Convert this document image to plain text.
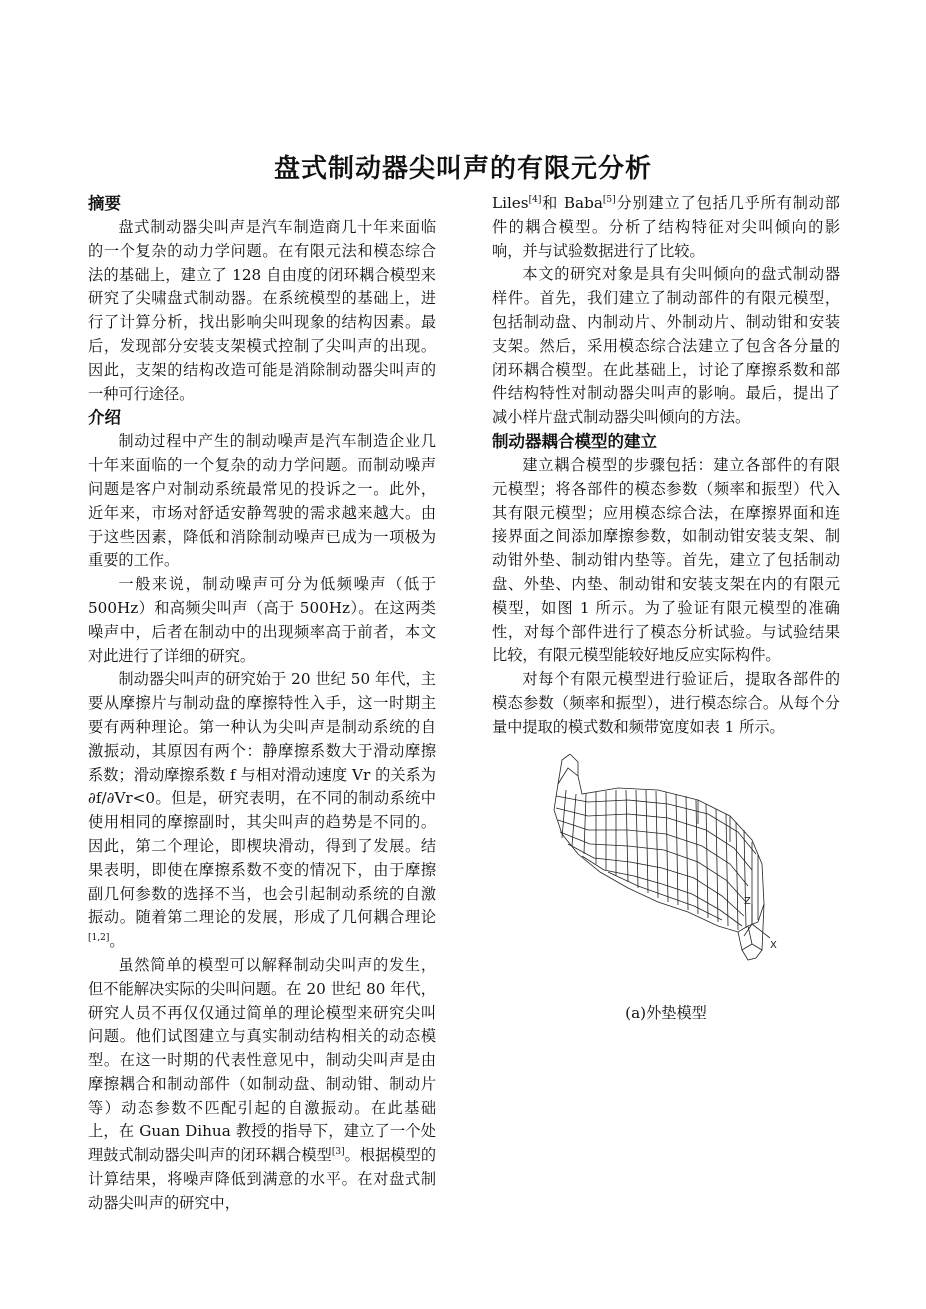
盘式制动器尖叫声的有限元分析
摘要

盘式制动器尖叫声是汽车制造商几十年来面临的一个复杂的动力学问题。在有限元法和模态综合法的基础上，建立了 128 自由度的闭环耦合模型来研究了尖啸盘式制动器。在系统模型的基础上，进行了计算分析，找出影响尖叫现象的结构因素。最后，发现部分安装支架模式控制了尖叫声的出现。因此，支架的结构改造可能是消除制动器尖叫声的一种可行途径。

介绍

制动过程中产生的制动噪声是汽车制造企业几十年来面临的一个复杂的动力学问题。而制动噪声问题是客户对制动系统最常见的投诉之一。此外，近年来，市场对舒适安静驾驶的需求越来越大。由于这些因素，降低和消除制动噪声已成为一项极为重要的工作。

一般来说，制动噪声可分为低频噪声（低于 500Hz）和高频尖叫声（高于 500Hz）。在这两类噪声中，后者在制动中的出现频率高于前者，本文对此进行了详细的研究。

制动器尖叫声的研究始于 20 世纪 50 年代，主要从摩擦片与制动盘的摩擦特性入手，这一时期主要有两种理论。第一种认为尖叫声是制动系统的自激振动，其原因有两个：静摩擦系数大于滑动摩擦系数；滑动摩擦系数 f 与相对滑动速度 Vr 的关系为∂f/∂Vr<0。但是，研究表明，在不同的制动系统中使用相同的摩擦副时，其尖叫声的趋势是不同的。因此，第二个理论，即楔块滑动，得到了发展。结果表明，即使在摩擦系数不变的情况下，由于摩擦副几何参数的选择不当，也会引起制动系统的自激振动。随着第二理论的发展，形成了几何耦合理论[1,2]。

虽然简单的模型可以解释制动尖叫声的发生，但不能解决实际的尖叫问题。在 20 世纪 80 年代，研究人员不再仅仅通过简单的理论模型来研究尖叫问题。他们试图建立与真实制动结构相关的动态模型。在这一时期的代表性意见中，制动尖叫声是由摩擦耦合和制动部件（如制动盘、制动钳、制动片等）动态参数不匹配引起的自激振动。在此基础上，在 Guan Dihua 教授的指导下，建立了一个处理鼓式制动器尖叫声的闭环耦合模型[3]。根据模型的计算结果，将噪声降低到满意的水平。在对盘式制动器尖叫声的研究中，

Liles[4]和 Baba[5]分别建立了包括几乎所有制动部件的耦合模型。分析了结构特征对尖叫倾向的影响，并与试验数据进行了比较。

本文的研究对象是具有尖叫倾向的盘式制动器样件。首先，我们建立了制动部件的有限元模型，包括制动盘、内制动片、外制动片、制动钳和安装支架。然后，采用模态综合法建立了包含各分量的闭环耦合模型。在此基础上，讨论了摩擦系数和部件结构特性对制动器尖叫声的影响。最后，提出了减小样片盘式制动器尖叫倾向的方法。

制动器耦合模型的建立

建立耦合模型的步骤包括：建立各部件的有限元模型；将各部件的模态参数（频率和振型）代入其有限元模型；应用模态综合法，在摩擦界面和连接界面之间添加摩擦参数，如制动钳安装支架、制动钳外垫、制动钳内垫等。首先，建立了包括制动盘、外垫、内垫、制动钳和安装支架在内的有限元模型，如图 1 所示。为了验证有限元模型的准确性，对每个部件进行了模态分析试验。与试验结果比较，有限元模型能较好地反应实际构件。

对每个有限元模型进行验证后，提取各部件的模态参数（频率和振型），进行模态综合。从每个分量中提取的模式数和频带宽度如表 1 所示。

Z
X

(a)外垫模型
